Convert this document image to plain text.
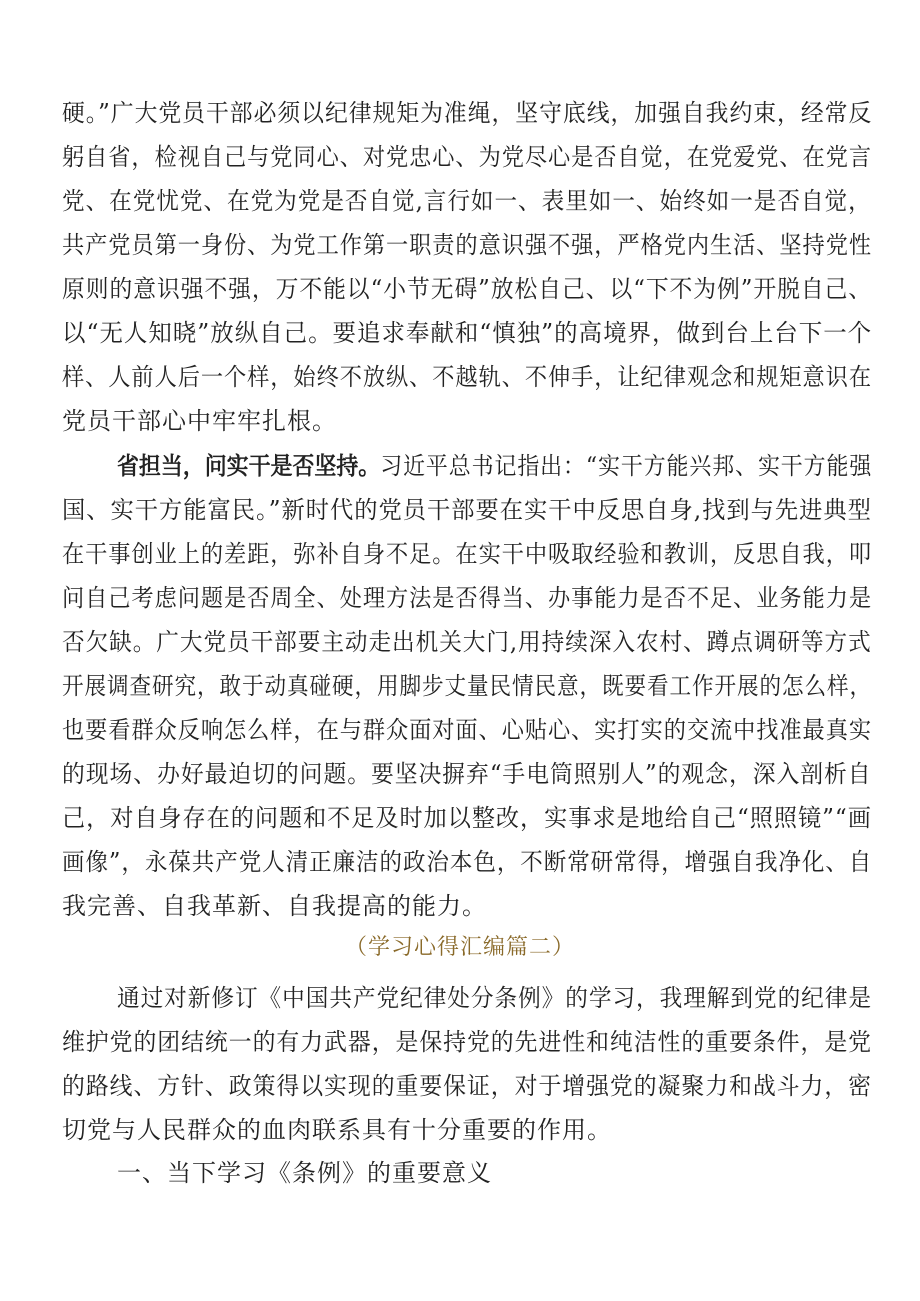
硬。”广大党员干部必须以纪律规矩为准绳，坚守底线，加强自我约束，经常反
躬自省，检视自己与党同心、对党忠心、为党尽心是否自觉，在党爱党、在党言
党、在党忧党、在党为党是否自觉,言行如一、表里如一、始终如一是否自觉，
共产党员第一身份、为党工作第一职责的意识强不强，严格党内生活、坚持党性
原则的意识强不强，万不能以“小节无碍”放松自己、以“下不为例”开脱自己、
以“无人知晓”放纵自己。要追求奉献和“慎独”的高境界，做到台上台下一个
样、人前人后一个样，始终不放纵、不越轨、不伸手，让纪律观念和规矩意识在
党员干部心中牢牢扎根。
省担当，问实干是否坚持。习近平总书记指出：“实干方能兴邦、实干方能强
国、实干方能富民。”新时代的党员干部要在实干中反思自身,找到与先进典型
在干事创业上的差距，弥补自身不足。在实干中吸取经验和教训，反思自我，叩
问自己考虑问题是否周全、处理方法是否得当、办事能力是否不足、业务能力是
否欠缺。广大党员干部要主动走出机关大门,用持续深入农村、蹲点调研等方式
开展调查研究，敢于动真碰硬，用脚步丈量民情民意，既要看工作开展的怎么样，
也要看群众反响怎么样，在与群众面对面、心贴心、实打实的交流中找准最真实
的现场、办好最迫切的问题。要坚决摒弃“手电筒照别人”的观念，深入剖析自
己，对自身存在的问题和不足及时加以整改，实事求是地给自己“照照镜”“画
画像”，永葆共产党人清正廉洁的政治本色，不断常研常得，增强自我净化、自
我完善、自我革新、自我提高的能力。
（学习心得汇编篇二）
通过对新修订《中国共产党纪律处分条例》的学习，我理解到党的纪律是
维护党的团结统一的有力武器，是保持党的先进性和纯洁性的重要条件，是党
的路线、方针、政策得以实现的重要保证，对于增强党的凝聚力和战斗力，密
切党与人民群众的血肉联系具有十分重要的作用。
一、当下学习《条例》的重要意义
